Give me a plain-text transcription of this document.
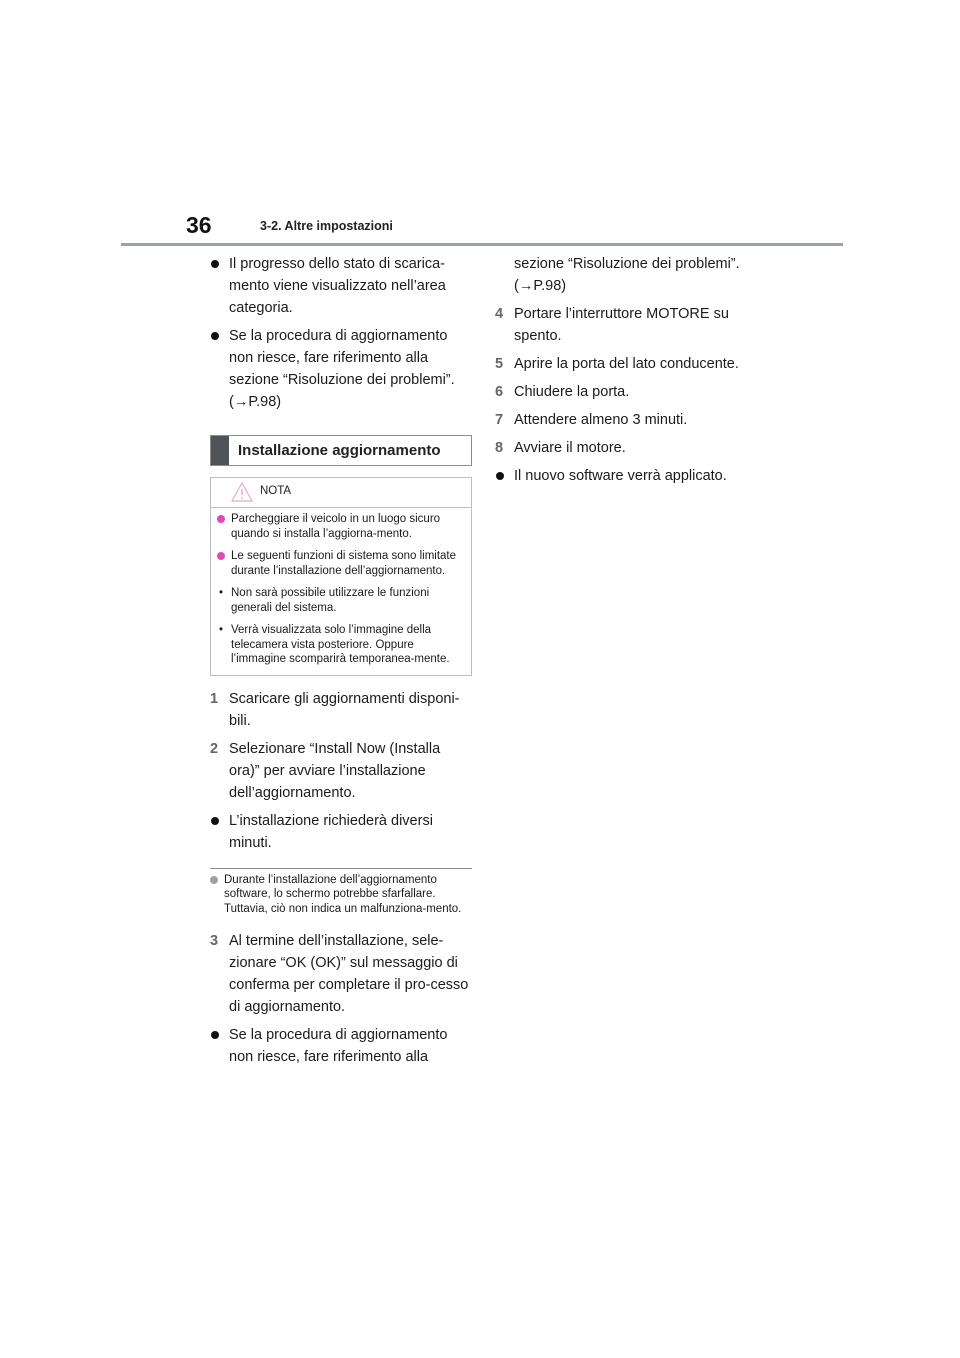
36	3-2. Altre impostazioni
Il progresso dello stato di scarica-mento viene visualizzato nell’area categoria.
Se la procedura di aggiornamento non riesce, fare riferimento alla sezione “Risoluzione dei problemi”. (→P.98)
Installazione aggiornamento
NOTA
Parcheggiare il veicolo in un luogo sicuro quando si installa l’aggiorna-mento.
Le seguenti funzioni di sistema sono limitate durante l’installazione dell’aggiornamento.
• Non sarà possibile utilizzare le funzioni generali del sistema.
• Verrà visualizzata solo l’immagine della telecamera vista posteriore. Oppure l’immagine scomparirà temporanea-mente.
1 Scaricare gli aggiornamenti disponi-bili.
2 Selezionare “Install Now (Installa ora)” per avviare l’installazione dell’aggiornamento.
L’installazione richiederà diversi minuti.
Durante l’installazione dell’aggiornamento software, lo schermo potrebbe sfarfallare. Tuttavia, ciò non indica un malfunziona-mento.
3 Al termine dell’installazione, sele-zionare “OK (OK)” sul messaggio di conferma per completare il pro-cesso di aggiornamento.
Se la procedura di aggiornamento non riesce, fare riferimento alla
sezione “Risoluzione dei problemi”. (→P.98)
4 Portare l’interruttore MOTORE su spento.
5 Aprire la porta del lato conducente.
6 Chiudere la porta.
7 Attendere almeno 3 minuti.
8 Avviare il motore.
Il nuovo software verrà applicato.
